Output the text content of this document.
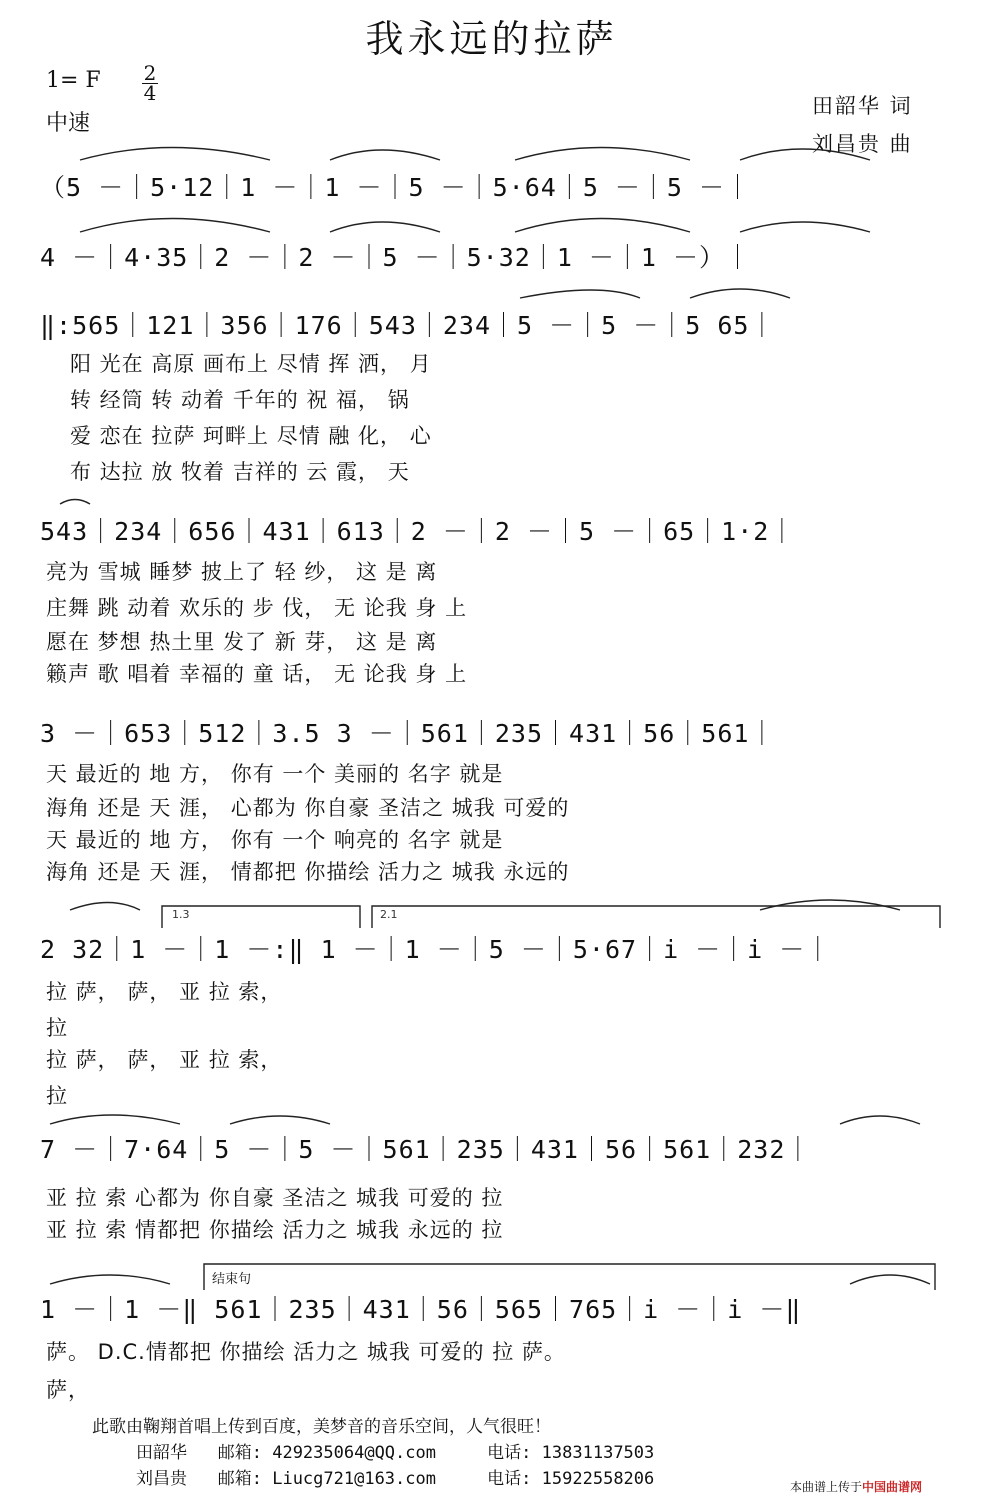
我永远的拉萨
1= F $\frac{2}{4}$
中速
田韶华 词
刘昌贵 曲
（5 －｜5·12｜1 －｜1 －｜5 －｜5·64｜5 －｜5 －｜
4 －｜4·35｜2 －｜2 －｜5 －｜5·32｜1 －｜1 －）｜
‖:565｜121｜356｜176｜543｜234｜5 －｜5 －｜5 65｜
阳 光在 高原 画布上 尽情 挥 洒， 月
转 经筒 转 动着 千年的 祝 福， 锅
爱 恋在 拉萨 珂畔上 尽情 融 化， 心
布 达拉 放 牧着 吉祥的 云 霞， 天
543｜234｜656｜431｜613｜2 －｜2 －｜5 －｜65｜1·2｜
亮为 雪城 睡梦 披上了 轻 纱， 这 是 离
庄舞 跳 动着 欢乐的 步 伐， 无 论我 身 上
愿在 梦想 热土里 发了 新 芽， 这 是 离
籁声 歌 唱着 幸福的 童 话， 无 论我 身 上
3 －｜653｜512｜3.5 3 －｜561｜235｜431｜56｜561｜
天 最近的 地 方， 你有 一个 美丽的 名字 就是
海角 还是 天 涯， 心都为 你自豪 圣洁之 城我 可爱的
天 最近的 地 方， 你有 一个 响亮的 名字 就是
海角 还是 天 涯， 情都把 你描绘 活力之 城我 永远的
1.3	2.1
2 32｜1 －｜1 －:‖ 1 －｜1 －｜5 －｜5·67｜i －｜i －｜
拉 萨， 萨， 亚 拉 索，
拉
拉 萨， 萨， 亚 拉 索，
拉
7 －｜7·64｜5 －｜5 －｜561｜235｜431｜56｜561｜232｜
亚 拉 索 心都为 你自豪 圣洁之 城我 可爱的 拉
亚 拉 索 情都把 你描绘 活力之 城我 永远的 拉
结束句
1 －｜1 －‖ 561｜235｜431｜56｜565｜765｜i －｜i －‖
萨。 D.C.情都把 你描绘 活力之 城我 可爱的 拉 萨。
萨，
此歌由鞠翔首唱上传到百度，美梦音的音乐空间，人气很旺！
田韶华 邮箱: 429235064@QQ.com	电话: 13831137503
刘昌贵 邮箱: Liucg721@163.com	电话: 15922558206	本曲谱上传于中国曲谱网
